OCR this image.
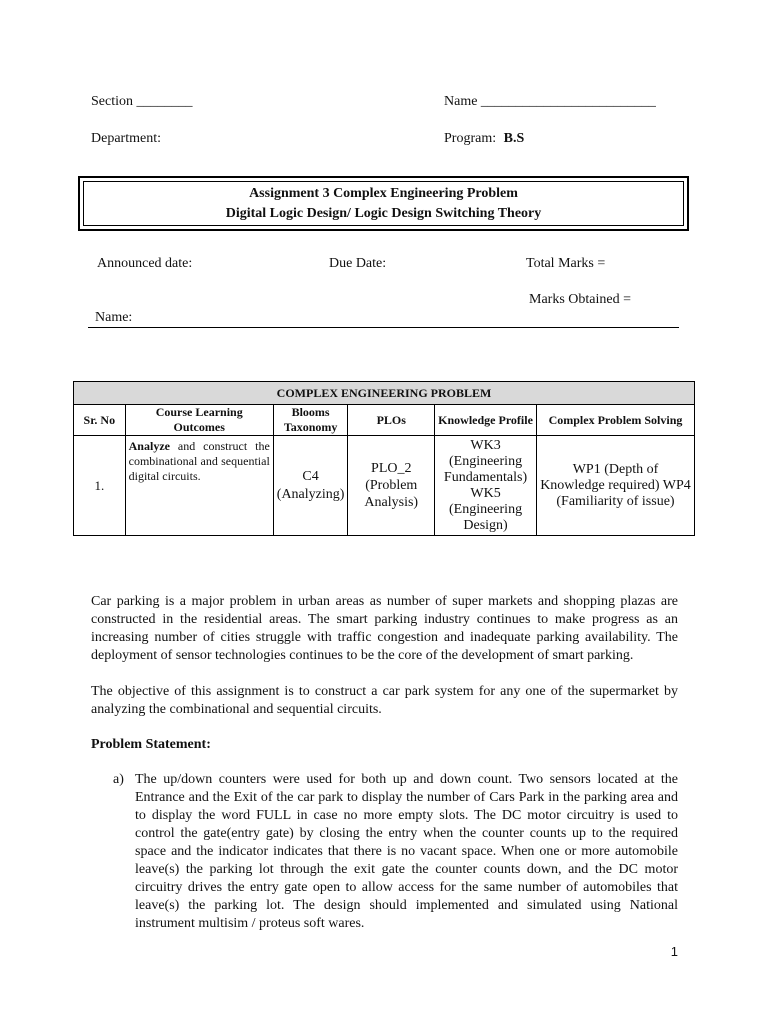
Section ________	Name _________________________
Department:	Program: B.S
Assignment 3 Complex Engineering Problem
Digital Logic Design/ Logic Design Switching Theory
Announced date:	Due Date:	Total Marks =
Marks Obtained =
Name:
COMPLEX ENGINEERING PROBLEM					
Sr. No	Course Learning Outcomes	Blooms Taxonomy	PLOs	Knowledge Profile	Complex Problem Solving
1.	Analyze and construct the combinational and sequential digital circuits.	C4 (Analyzing)	PLO_2 (Problem Analysis)	WK3 (Engineering Fundamentals) WK5 (Engineering Design)	WP1 (Depth of Knowledge required) WP4 (Familiarity of issue)
Car parking is a major problem in urban areas as number of super markets and shopping plazas are constructed in the residential areas. The smart parking industry continues to make progress as an increasing number of cities struggle with traffic congestion and inadequate parking availability. The deployment of sensor technologies continues to be the core of the development of smart parking.
The objective of this assignment is to construct a car park system for any one of the supermarket by analyzing the combinational and sequential circuits.
Problem Statement:
a) The up/down counters were used for both up and down count. Two sensors located at the Entrance and the Exit of the car park to display the number of Cars Park in the parking area and to display the word FULL in case no more empty slots. The DC motor circuitry is used to control the gate(entry gate) by closing the entry when the counter counts up to the required space and the indicator indicates that there is no vacant space. When one or more automobile leave(s) the parking lot through the exit gate the counter counts down, and the DC motor circuitry drives the entry gate open to allow access for the same number of automobiles that leave(s) the parking lot. The design should implemented and simulated using National instrument multisim / proteus soft wares.
1
